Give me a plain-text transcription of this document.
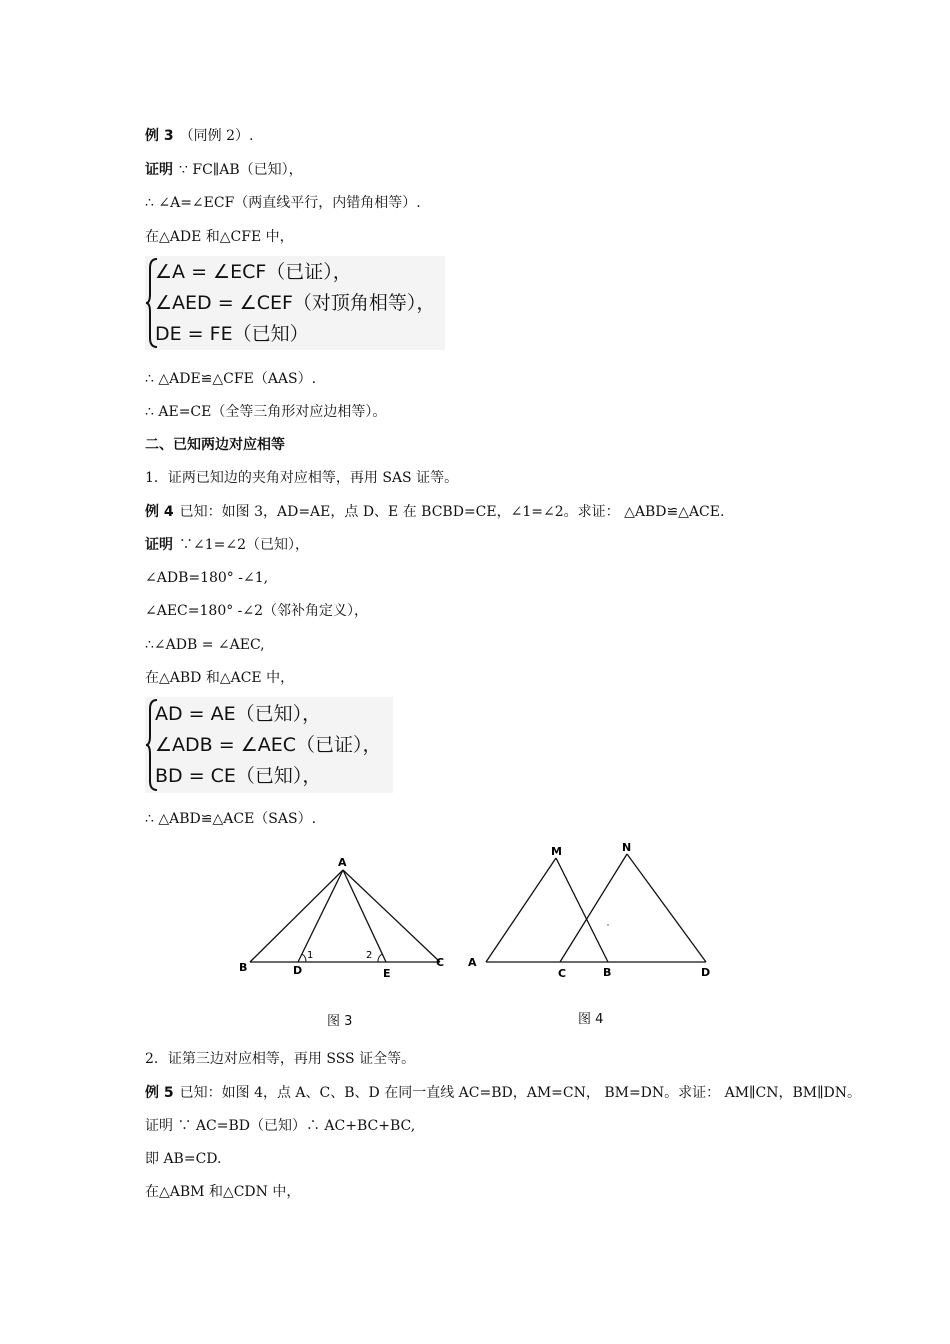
例 3 （同例 2）.
证明 ∵ FC∥AB（已知），
∴ ∠A=∠ECF（两直线平行，内错角相等）.
在△ADE 和△CFE 中，
∠A = ∠ECF（已证），
∠AED = ∠CEF（对顶角相等），
DE = FE（已知）
∴ △ADE≌△CFE（AAS）.
∴ AE=CE（全等三角形对应边相等）。
二、已知两边对应相等
1．证两已知边的夹角对应相等，再用 SAS 证等。
例 4 已知：如图 3，AD=AE，点 D、E 在 BCBD=CE，∠1=∠2。求证： △ABD≌△ACE.
证明 ∵∠1=∠2（已知），
∠ADB=180° -∠1,
∠AEC=180° -∠2（邻补角定义），
∴∠ADB = ∠AEC,
在△ABD 和△ACE 中，
AD = AE（已知），
∠ADB = ∠AEC（已证），
BD = CE（已知），
∴ △ABD≌△ACE（SAS）.
A
B	C
D	E
1	2
图 3
M	N
A
C	B	D
图 4
2．证第三边对应相等，再用 SSS 证全等。
例 5 已知：如图 4，点 A、C、B、D 在同一直线 AC=BD，AM=CN， BM=DN。求证： AM∥CN，BM∥DN。
证明 ∵ AC=BD（已知）∴ AC+BC+BC,
即 AB=CD.
在△ABM 和△CDN 中，
